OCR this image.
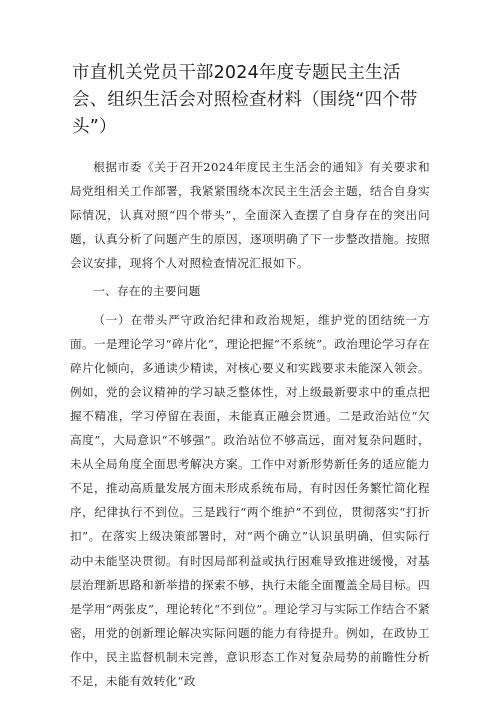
市直机关党员干部2024年度专题民主生活会、组织生活会对照检查材料（围绕“四个带头”）

根据市委《关于召开2024年度民主生活会的通知》有关要求和局党组相关工作部署，我紧紧围绕本次民主生活会主题，结合自身实际情况，认真对照“四个带头”，全面深入查摆了自身存在的突出问题，认真分析了问题产生的原因，逐项明确了下一步整改措施。按照会议安排，现将个人对照检查情况汇报如下。

一、存在的主要问题

（一）在带头严守政治纪律和政治规矩，维护党的团结统一方面。一是理论学习“碎片化”，理论把握“不系统”。政治理论学习存在碎片化倾向，多通读少精读，对核心要义和实践要求未能深入领会。例如，党的会议精神的学习缺乏整体性，对上级最新要求中的重点把握不精准，学习停留在表面，未能真正融会贯通。二是政治站位“欠高度”，大局意识“不够强”。政治站位不够高远，面对复杂问题时，未从全局角度全面思考解决方案。工作中对新形势新任务的适应能力不足，推动高质量发展方面未形成系统布局，有时因任务繁忙简化程序，纪律执行不到位。三是践行“两个维护”不到位，贯彻落实“打折扣”。在落实上级决策部署时，对“两个确立”认识虽明确，但实际行动中未能坚决贯彻。有时因局部利益或执行困难导致推进缓慢，对基层治理新思路和新举措的探索不够，执行未能全面覆盖全局目标。四是学用“两张皮”，理论转化“不到位”。理论学习与实际工作结合不紧密，用党的创新理论解决实际问题的能力有待提升。例如，在政协工作中，民主监督机制未完善，意识形态工作对复杂局势的前瞻性分析不足，未能有效转化“政
